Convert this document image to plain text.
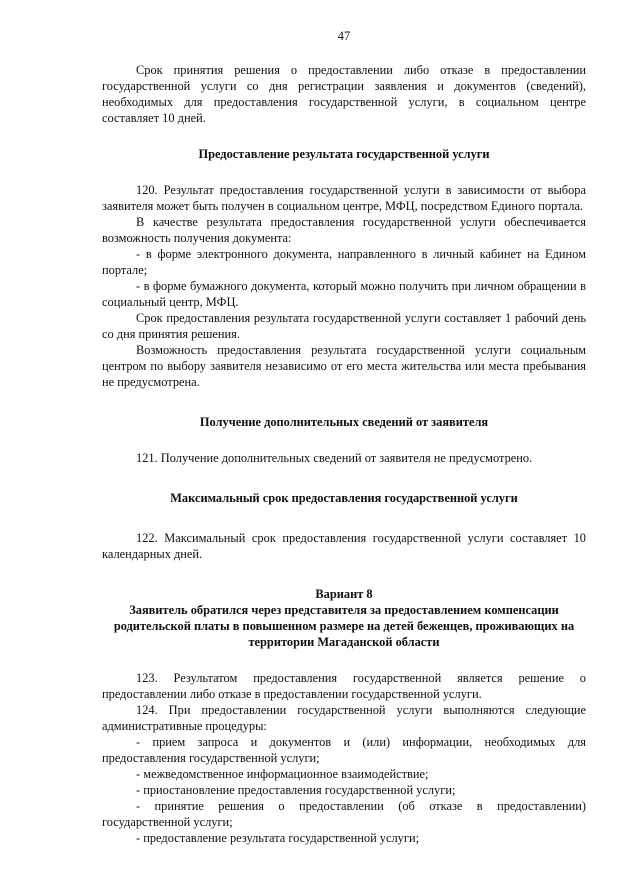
47

Срок принятия решения о предоставлении либо отказе в предоставлении государственной услуги со дня регистрации заявления и документов (сведений), необходимых для предоставления государственной услуги, в социальном центре составляет 10 дней.

Предоставление результата государственной услуги

120. Результат предоставления государственной услуги в зависимости от выбора заявителя может быть получен в социальном центре, МФЦ, посредством Единого портала.

В качестве результата предоставления государственной услуги обеспечивается возможность получения документа:

- в форме электронного документа, направленного в личный кабинет на Едином портале;

- в форме бумажного документа, который можно получить при личном обращении в социальный центр, МФЦ.

Срок предоставления результата государственной услуги составляет 1 рабочий день со дня принятия решения.

Возможность предоставления результата государственной услуги социальным центром по выбору заявителя независимо от его места жительства или места пребывания не предусмотрена.

Получение дополнительных сведений от заявителя

121. Получение дополнительных сведений от заявителя не предусмотрено.

Максимальный срок предоставления государственной услуги

122. Максимальный срок предоставления государственной услуги составляет 10 календарных дней.

Вариант 8
Заявитель обратился через представителя за предоставлением компенсации родительской платы в повышенном размере на детей беженцев, проживающих на территории Магаданской области

123. Результатом предоставления государственной является решение о предоставлении либо отказе в предоставлении государственной услуги.

124. При предоставлении государственной услуги выполняются следующие административные процедуры:

- прием запроса и документов и (или) информации, необходимых для предоставления государственной услуги;

- межведомственное информационное взаимодействие;

- приостановление предоставления государственной услуги;

- принятие решения о предоставлении (об отказе в предоставлении) государственной услуги;

- предоставление результата государственной услуги;
